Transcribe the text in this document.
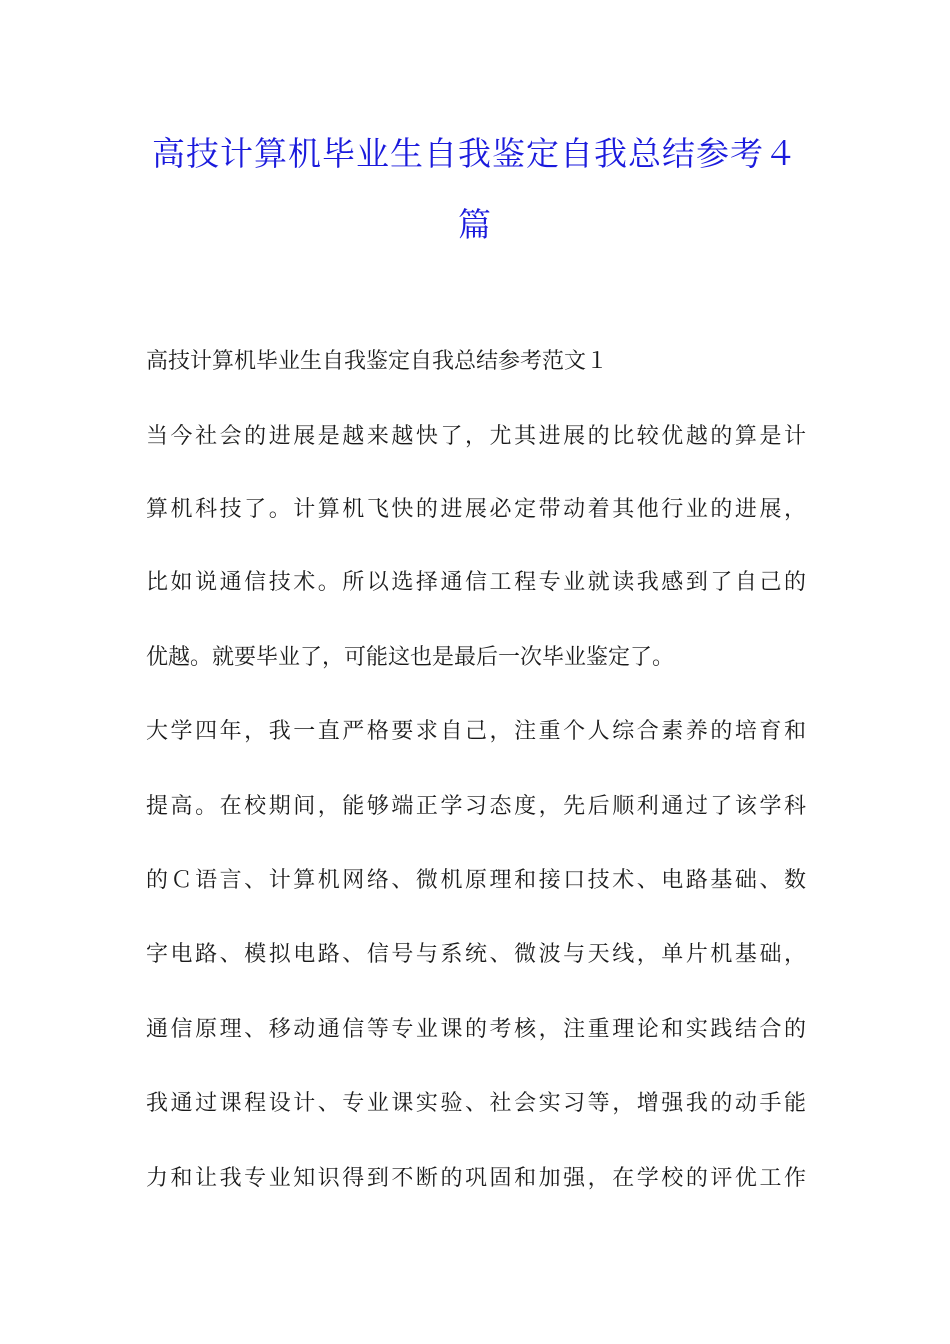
高技计算机毕业生自我鉴定自我总结参考４
篇

高技计算机毕业生自我鉴定自我总结参考范文１

当今社会的进展是越来越快了，尤其进展的比较优越的算是计

算机科技了。计算机飞快的进展必定带动着其他行业的进展，

比如说通信技术。所以选择通信工程专业就读我感到了自己的

优越。就要毕业了，可能这也是最后一次毕业鉴定了。

大学四年，我一直严格要求自己，注重个人综合素养的培育和

提高。在校期间，能够端正学习态度，先后顺利通过了该学科

的Ｃ语言、计算机网络、微机原理和接口技术、电路基础、数

字电路、模拟电路、信号与系统、微波与天线，单片机基础，

通信原理、移动通信等专业课的考核，注重理论和实践结合的

我通过课程设计、专业课实验、社会实习等，增强我的动手能

力和让我专业知识得到不断的巩固和加强，在学校的评优工作
